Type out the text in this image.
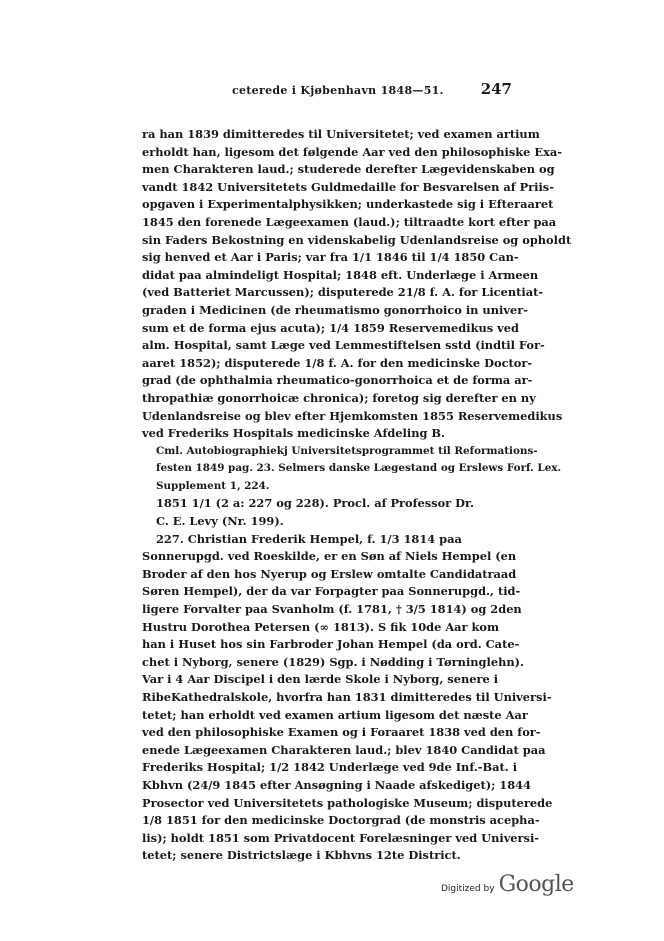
ceterede i Kjøbenhavn 1848—51.	247
ra han 1839 dimitteredes til Universitetet; ved examen artium
erholdt han, ligesom det følgende Aar ved den philosophiske Exa-
men Charakteren laud.; studerede derefter Lægevidenskaben og
vandt 1842 Universitetets Guldmedaille for Besvarelsen af Priis-
opgaven i Experimentalphysikken; underkastede sig i Efteraaret
1845 den forenede Lægeexamen (laud.); tiltraadte kort efter paa
sin Faders Bekostning en videnskabelig Udenlandsreise og opholdt
sig henved et Aar i Paris; var fra 1/1 1846 til 1/4 1850 Can-
didat paa almindeligt Hospital; 1848 eft. Underlæge i Armeen
(ved Batteriet Marcussen); disputerede 21/8 f. A. for Licentiat-
graden i Medicinen (de rheumatismo gonorrhoico in univer-
sum et de forma ejus acuta); 1/4 1859 Reservemedikus ved
alm. Hospital, samt Læge ved Lemmestiftelsen sstd (indtil For-
aaret 1852); disputerede 1/8 f. A. for den medicinske Doctor-
grad (de ophthalmia rheumatico-gonorrhoica et de forma ar-
thropathiæ gonorrhoicæ chronica); foretog sig derefter en ny
Udenlandsreise og blev efter Hjemkomsten 1855 Reservemedikus
ved Frederiks Hospitals medicinske Afdeling B.
Cml. Autobiographiekj Universitetsprogrammet til Reformations-
festen 1849 pag. 23. Selmers danske Lægestand og Erslews Forf. Lex.
Supplement 1, 224.
1851 1/1 (2 a: 227 og 228). Procl. af Professor Dr.
C. E. Levy (Nr. 199).
227. Christian Frederik Hempel, f. 1/3 1814 paa
Sonnerupgd. ved Roeskilde, er en Søn af Niels Hempel (en
Broder af den hos Nyerup og Erslew omtalte Candidatraad
Søren Hempel), der da var Forpagter paa Sonnerupgd., tid-
ligere Forvalter paa Svanholm (f. 1781, † 3/5 1814) og 2den
Hustru Dorothea Petersen (∞ 1813). S fik 10de Aar kom
han i Huset hos sin Farbroder Johan Hempel (da ord. Cate-
chet i Nyborg, senere (1829) Sgp. i Nødding i Tørninglehn).
Var i 4 Aar Discipel i den lærde Skole i Nyborg, senere i
RibeKathedralskole, hvorfra han 1831 dimitteredes til Universi-
tetet; han erholdt ved examen artium ligesom det næste Aar
ved den philosophiske Examen og i Foraaret 1838 ved den for-
enede Lægeexamen Charakteren laud.; blev 1840 Candidat paa
Frederiks Hospital; 1/2 1842 Underlæge ved 9de Inf.-Bat. i
Kbhvn (24/9 1845 efter Ansøgning i Naade afskediget); 1844
Prosector ved Universitetets pathologiske Museum; disputerede
1/8 1851 for den medicinske Doctorgrad (de monstris acepha-
lis); holdt 1851 som Privatdocent Forelæsninger ved Universi-
tetet; senere Districtslæge i Kbhvns 12te District.
Digitized by Google
